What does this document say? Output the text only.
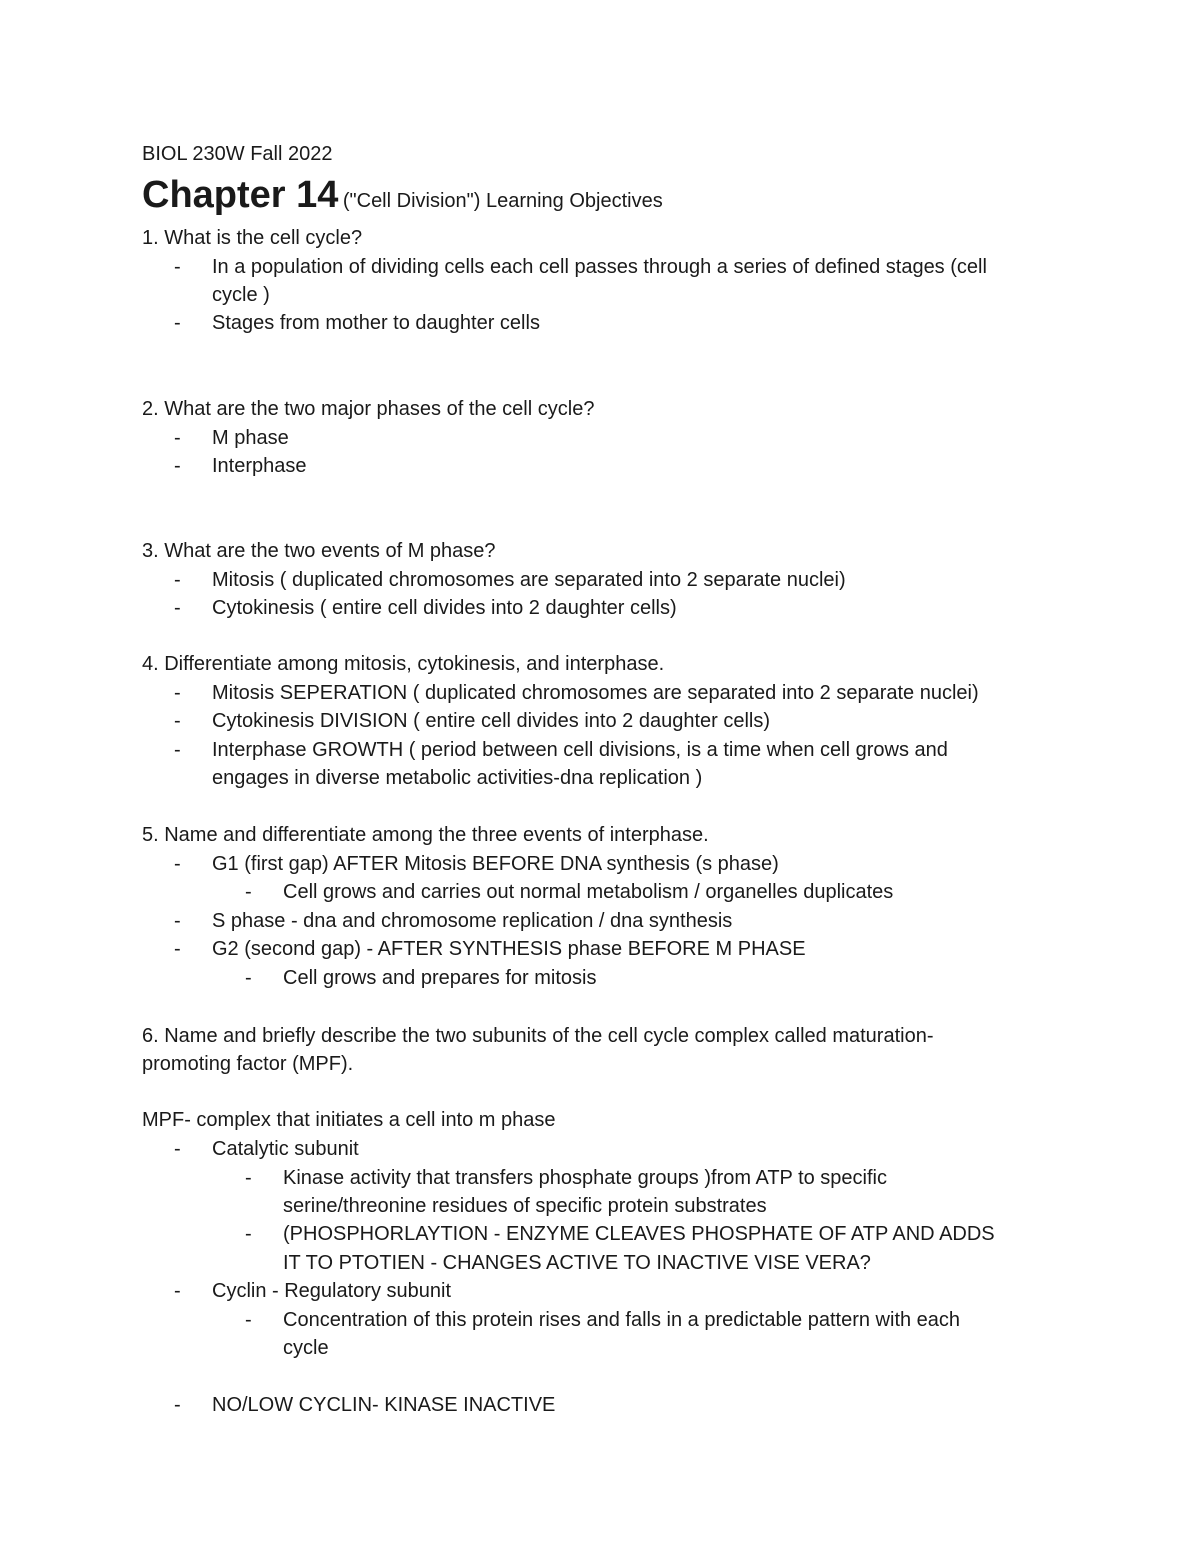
BIOL 230W Fall 2022
Chapter 14 ("Cell Division") Learning Objectives
1. What is the cell cycle?
In a population of dividing cells each cell passes through a series of defined stages (cell
-
cycle )
Stages from mother to daughter cells
-
2. What are the two major phases of the cell cycle?
M phase
-
Interphase
-
3. What are the two events of M phase?
Mitosis ( duplicated chromosomes are separated into 2 separate nuclei)
-
Cytokinesis ( entire cell divides into 2 daughter cells)
-
4. Differentiate among mitosis, cytokinesis, and interphase.
Mitosis SEPERATION ( duplicated chromosomes are separated into 2 separate nuclei)
-
Cytokinesis DIVISION ( entire cell divides into 2 daughter cells)
-
Interphase GROWTH ( period between cell divisions, is a time when cell grows and
-
engages in diverse metabolic activities-dna replication )
5. Name and differentiate among the three events of interphase.
G1 (first gap) AFTER Mitosis BEFORE DNA synthesis (s phase)
-
Cell grows and carries out normal metabolism / organelles duplicates
-
S phase - dna and chromosome replication / dna synthesis
-
G2 (second gap) - AFTER SYNTHESIS phase BEFORE M PHASE
-
Cell grows and prepares for mitosis
-
6. Name and briefly describe the two subunits of the cell cycle complex called maturation-
promoting factor (MPF).
MPF- complex that initiates a cell into m phase
Catalytic subunit
-
Kinase activity that transfers phosphate groups )from ATP to specific
-
serine/threonine residues of specific protein substrates
(PHOSPHORLAYTION - ENZYME CLEAVES PHOSPHATE OF ATP AND ADDS
-
IT TO PTOTIEN - CHANGES ACTIVE TO INACTIVE VISE VERA?
Cyclin - Regulatory subunit
-
Concentration of this protein rises and falls in a predictable pattern with each
-
cycle
NO/LOW CYCLIN- KINASE INACTIVE
-
